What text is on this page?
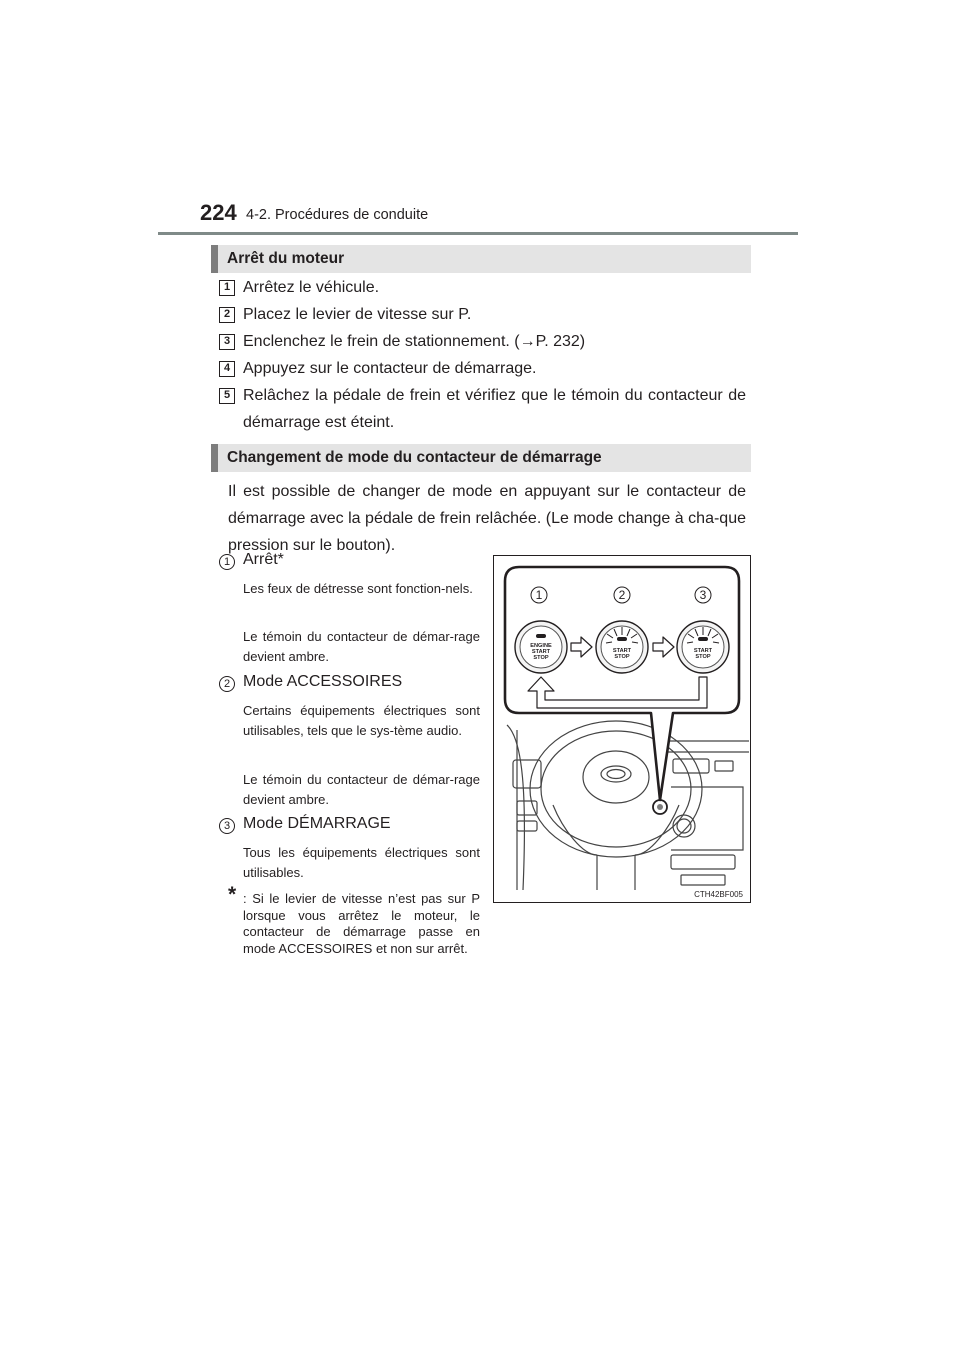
224 4-2. Procédures de conduite
Arrêt du moteur
1 Arrêtez le véhicule.
2 Placez le levier de vitesse sur P.
3 Enclenchez le frein de stationnement. (→P. 232)
4 Appuyez sur le contacteur de démarrage.
5 Relâchez la pédale de frein et vérifiez que le témoin du contacteur de démarrage est éteint.
Changement de mode du contacteur de démarrage
Il est possible de changer de mode en appuyant sur le contacteur de démarrage avec la pédale de frein relâchée. (Le mode change à cha-que pression sur le bouton).
1 Arrêt*
Les feux de détresse sont fonction-nels.
Le témoin du contacteur de démar-rage devient ambre.
2 Mode ACCESSOIRES
Certains équipements électriques sont utilisables, tels que le sys-tème audio.
Le témoin du contacteur de démar-rage devient ambre.
3 Mode DÉMARRAGE
Tous les équipements électriques sont utilisables.
* : Si le levier de vitesse n’est pas sur P lorsque vous arrêtez le moteur, le contacteur de démarrage passe en mode ACCESSOIRES et non sur arrêt.
1	2	3
ENGINE
START
STOP
START
STOP
START
STOP
CTH42BF005
